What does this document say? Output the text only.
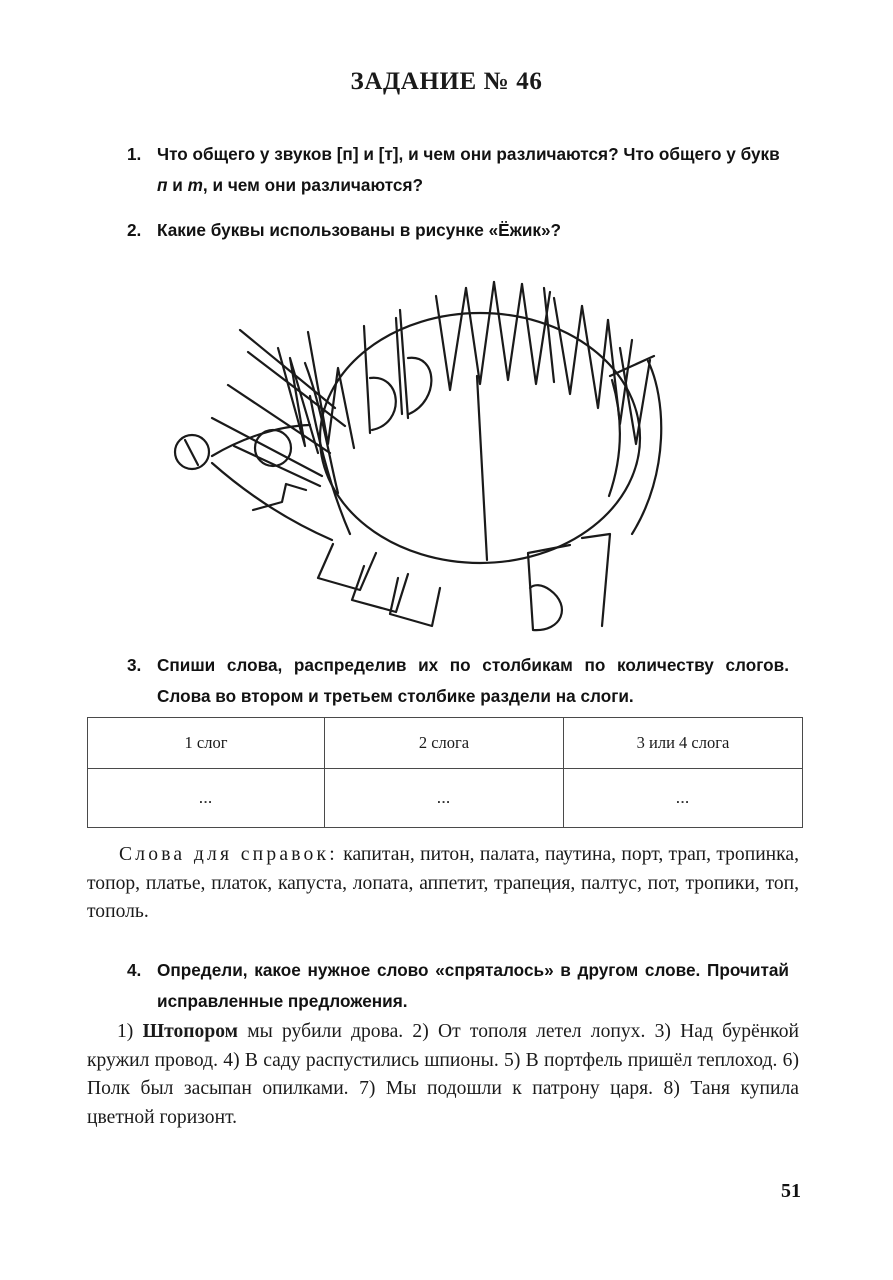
ЗАДАНИЕ № 46
1. Что общего у звуков [п] и [т], и чем они различаются? Что общего у букв п и т, и чем они различаются?
2. Какие буквы использованы в рисунке «Ёжик»?
3. Спиши слова, распределив их по столбикам по количеству слогов. Слова во втором и третьем столбике раздели на слоги.
1 слог	2 слога	3 или 4 слога
...	...	...
Слова для справок: капитан, питон, палата, паутина, порт, трап, тропинка, топор, платье, платок, капуста, лопата, аппетит, трапеция, палтус, пот, тропики, топ, тополь.
4. Определи, какое нужное слово «спряталось» в другом слове. Прочитай исправленные предложения.
1) Штопором мы рубили дрова. 2) От тополя летел лопух. 3) Над бурёнкой кружил провод. 4) В саду распустились шпионы. 5) В портфель пришёл теплоход. 6) Полк был засыпан опилками. 7) Мы подошли к патрону царя. 8) Таня купила цветной горизонт.
51
